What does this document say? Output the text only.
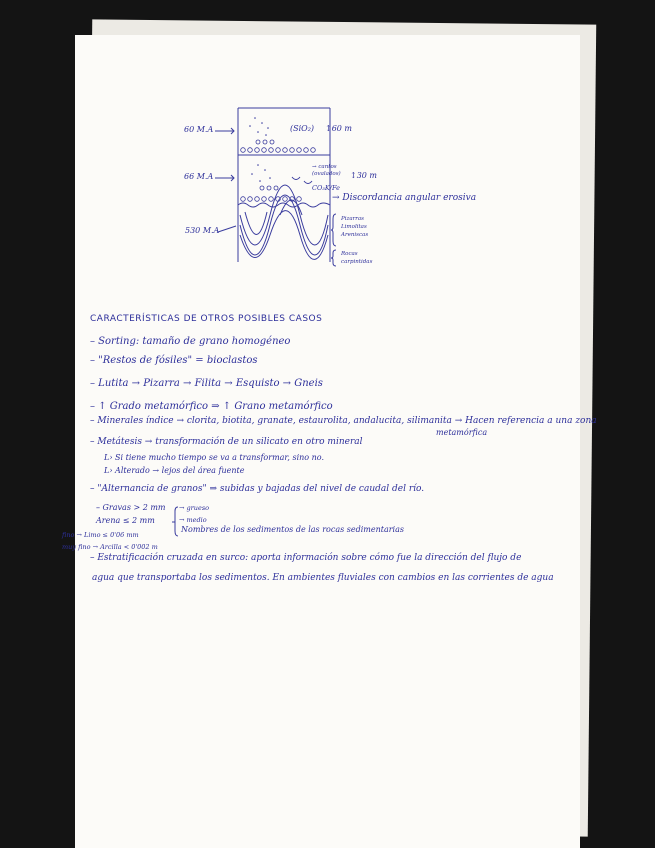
60 M.A
66 M.A
530 M.A
(SiO₂) ↕60 m
→ cantos (ovalados)
CO₃K/Fe
↕30 m
→ Discordancia angular erosiva
Pizarras
Limolitas
Areniscas
Rocas
carpintidas
CARACTERÍSTICAS DE OTROS POSIBLES CASOS
– Sorting: tamaño de grano homogéneo
– "Restos de fósiles" = bioclastos
– Lutita → Pizarra → Filita → Esquisto → Gneis
– ↑ Grado metamórfico ⇒ ↑ Grano metamórfico
– Minerales índice → clorita, biotita, granate, estaurolita, andalucita, silimanita → Hacen referencia a una zona
metamórfica
– Metátesis → transformación de un silicato en otro mineral
L› Si tiene mucho tiempo se va a transformar, sino no.
L› Alterado → lejos del área fuente
– "Alternancia de granos" ⇒ subidas y bajadas del nivel de caudal del río.
– Gravas > 2 mm → grueso
Arena ≤ 2 mm	→ medio
Nombres de los sedimentos de las rocas sedimentarias
fino → Limo ≤ 0'06 mm
muy fino → Arcilla < 0'002 m
– Estratificación cruzada en surco: aporta información sobre cómo fue la dirección del flujo de
agua que transportaba los sedimentos. En ambientes fluviales con cambios en las corrientes de agua
